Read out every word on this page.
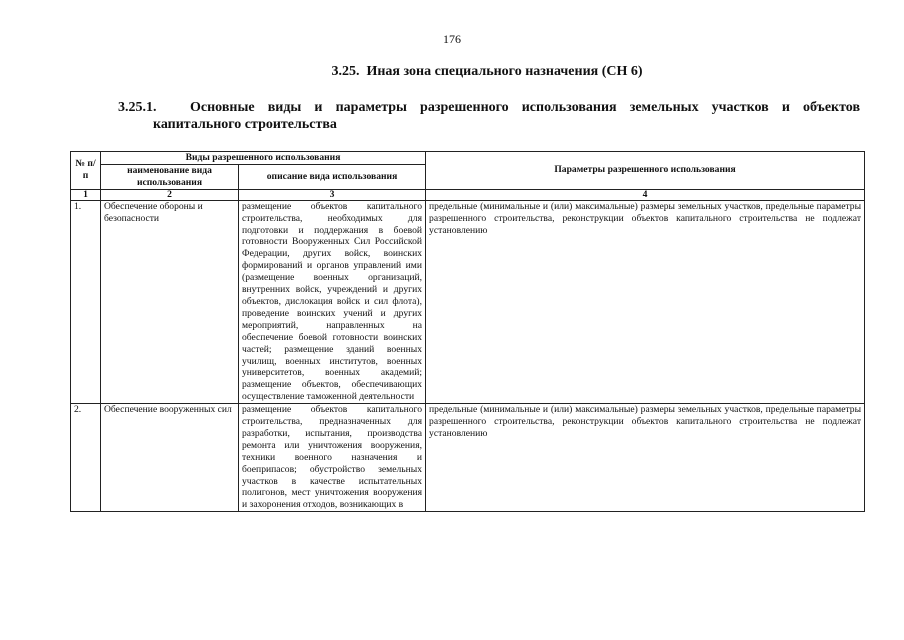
176
3.25. Иная зона специального назначения (СН 6)
3.25.1. Основные виды и параметры разрешенного использования земельных участков и объектов
капитального строительства
№ п/п	Виды разрешенного использования		Параметры разрешенного использования
	наименование вида использования	описание вида использования	
1	2	3	4
1.	Обеспечение обороны и безопасности	размещение объектов капитального строительства, необходимых для подготовки и поддержания в боевой готовности Вооруженных Сил Российской Федерации, других войск, воинских формирований и органов управлений ими (размещение военных организаций, внутренних войск, учреждений и других объектов, дислокация войск и сил флота), проведение воинских учений и других мероприятий, направленных на обеспечение боевой готовности воинских частей; размещение зданий военных училищ, военных институтов, военных университетов, военных академий; размещение объектов, обеспечивающих осуществление таможенной деятельности	предельные (минимальные и (или) максимальные) размеры земельных участков, предельные параметры разрешенного строительства, реконструкции объектов капитального строительства не подлежат установлению
2.	Обеспечение вооруженных сил	размещение объектов капитального строительства, предназначенных для разработки, испытания, производства ремонта или уничтожения вооружения, техники военного назначения и боеприпасов; обустройство земельных участков в качестве испытательных полигонов, мест уничтожения вооружения и захоронения отходов, возникающих в	предельные (минимальные и (или) максимальные) размеры земельных участков, предельные параметры разрешенного строительства, реконструкции объектов капитального строительства не подлежат установлению
